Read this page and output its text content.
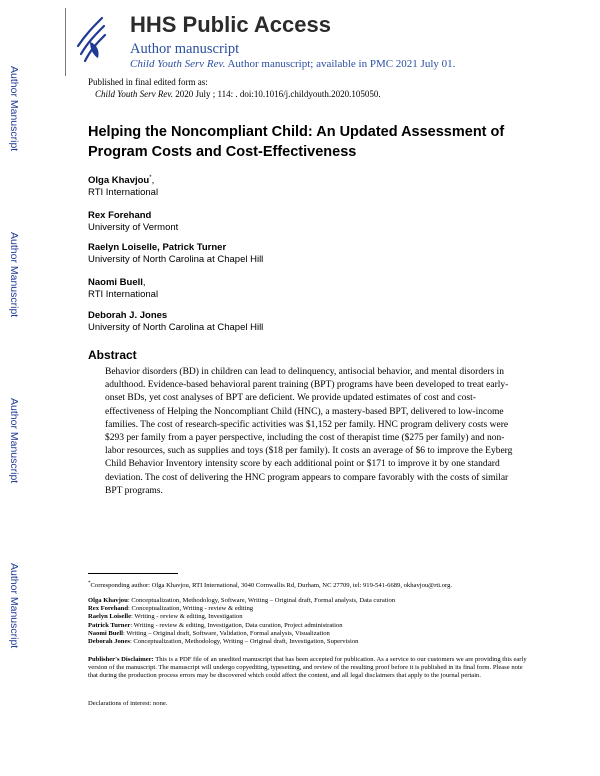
Author Manuscript
Author Manuscript
Author Manuscript
Author Manuscript
HHS Public Access
Author manuscript
Child Youth Serv Rev. Author manuscript; available in PMC 2021 July 01.
Published in final edited form as:
Child Youth Serv Rev. 2020 July ; 114: . doi:10.1016/j.childyouth.2020.105050.
Helping the Noncompliant Child: An Updated Assessment of Program Costs and Cost-Effectiveness
Olga Khavjou*,
RTI International
Rex Forehand
University of Vermont
Raelyn Loiselle, Patrick Turner
University of North Carolina at Chapel Hill
Naomi Buell,
RTI International
Deborah J. Jones
University of North Carolina at Chapel Hill
Abstract
Behavior disorders (BD) in children can lead to delinquency, antisocial behavior, and mental disorders in adulthood. Evidence-based behavioral parent training (BPT) programs have been developed to treat early-onset BDs, yet cost analyses of BPT are deficient. We provide updated estimates of cost and cost-effectiveness of Helping the Noncompliant Child (HNC), a mastery-based BPT, delivered to low-income families. The cost of research-specific activities was $1,152 per family. HNC program delivery costs were $293 per family from a payer perspective, including the cost of therapist time ($275 per family) and non-labor resources, such as supplies and toys ($18 per family). It costs an average of $6 to improve the Eyberg Child Behavior Inventory intensity score by each additional point or $171 to improve it by one standard deviation. The cost of delivering the HNC program appears to compare favorably with the costs of similar BPT programs.
*Corresponding author: Olga Khavjou, RTI International, 3040 Cornwallis Rd, Durham, NC 27709, tel: 919-541-6689, okhavjou@rti.org.
Olga Khavjou: Conceptualization, Methodology, Software, Writing – Original draft, Formal analysis, Data curation
Rex Forehand: Conceptualization, Writing - review & editing
Raelyn Loiselle: Writing - review & editing, Investigation
Patrick Turner: Writing - review & editing, Investigation, Data curation, Project administration
Naomi Buell: Writing – Original draft, Software, Validation, Formal analysis, Visualization
Deborah Jones: Conceptualization, Methodology, Writing – Original draft, Investigation, Supervision
Publisher's Disclaimer: This is a PDF file of an unedited manuscript that has been accepted for publication. As a service to our customers we are providing this early version of the manuscript. The manuscript will undergo copyediting, typesetting, and review of the resulting proof before it is published in its final form. Please note that during the production process errors may be discovered which could affect the content, and all legal disclaimers that apply to the journal pertain.
Declarations of interest: none.
